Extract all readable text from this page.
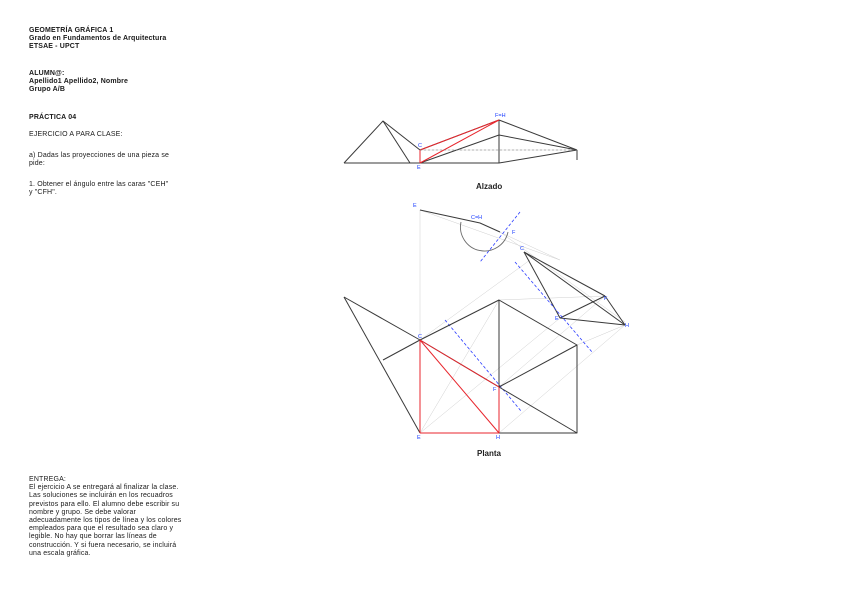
GEOMETRÍA GRÁFICA 1
Grado en Fundamentos de Arquitectura
ETSAE - UPCT
ALUMN@:
Apellido1 Apellido2, Nombre
Grupo A/B
PRÁCTICA 04
EJERCICIO A PARA CLASE:
a) Dadas las proyecciones de una pieza se
pide:
1. Obtener el ángulo entre las caras "CEH"
y "CFH".
ENTREGA:
El ejercicio A se entregará al finalizar la clase.
Las soluciones se incluirán en los recuadros
previstos para ello. El alumno debe escribir su
nombre y grupo. Se debe valorar
adecuadamente los tipos de línea y los colores
empleados para que el resultado sea claro y
legible. No hay que borrar las líneas de
construcción. Y si fuera necesario, se incluirá
una escala gráfica.
C
E
F=H
Alzado
E
C=H
F
C
F
E
H
C
F
E	H
Planta
